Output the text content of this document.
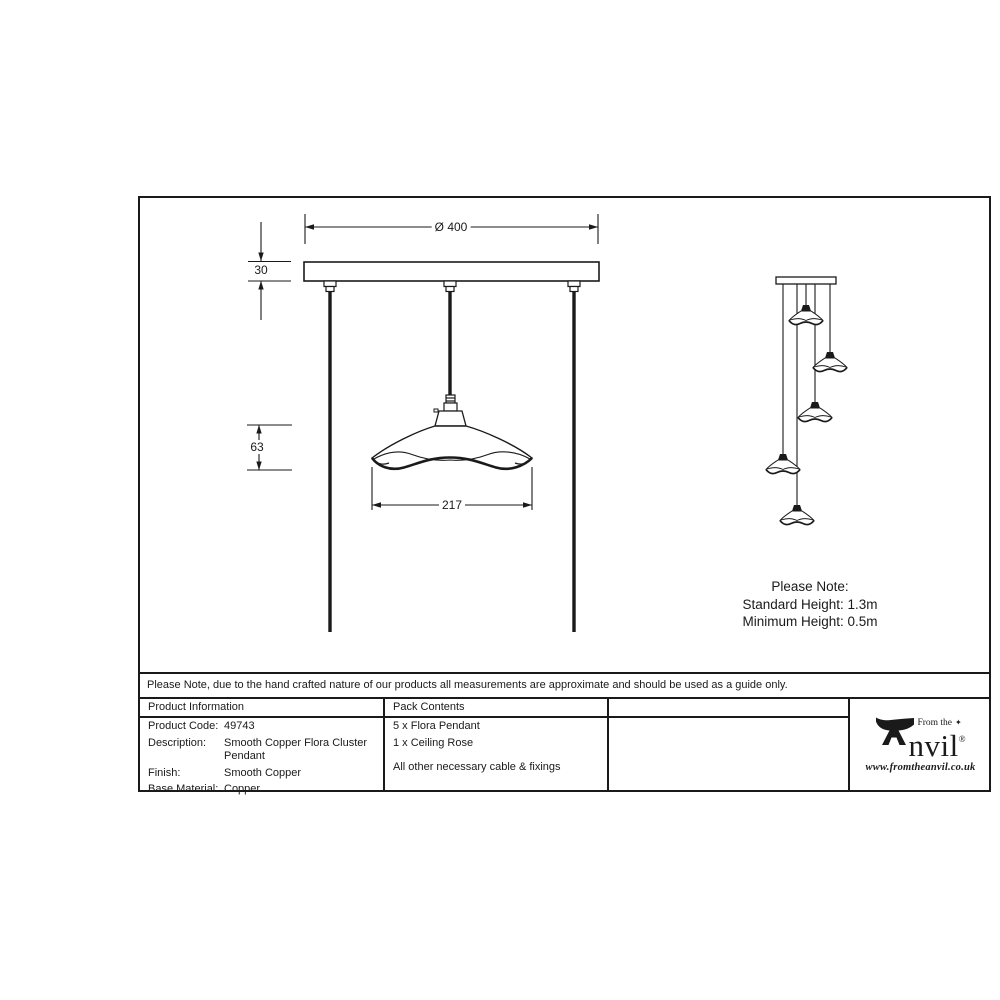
Ø 400
30
63
217
Please Note:
Standard Height: 1.3m
Minimum Height: 0.5m
Please Note, due to the hand crafted nature of our products all measurements are approximate and should be used as a guide only.
Product Information	Pack Contents
Product Code: 49743
Description:	Smooth Copper Flora Cluster Pendant
Finish:	Smooth Copper
Base Material: Copper
5 x Flora Pendant
1 x Ceiling Rose
All other necessary cable & fixings
From the ✦
nvil®
www.fromtheanvil.co.uk
